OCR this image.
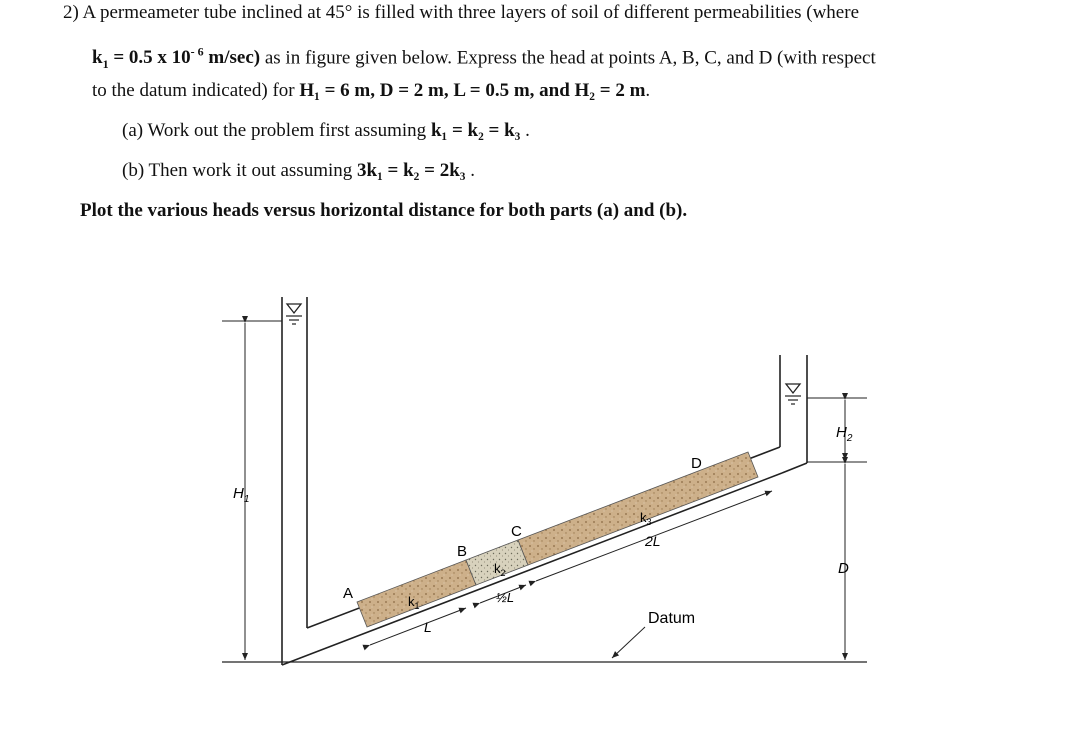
2) A permeameter tube inclined at 45° is filled with three layers of soil of different permeabilities (where
$k_1 = 0.5$ x $10^{- 6}$ m/sec) as in figure given below. Express the head at points A, B, C, and D (with respect
to the datum indicated) for H₁ = 6 m, D = 2 m, L = 0.5 m, and H₂ = 2 m.
(a) Work out the problem first assuming k₁ = k₂ = k₃ .
(b) Then work it out assuming 3k₁ = k₂ = 2k₃ .
Plot the various heads versus horizontal distance for both parts (a) and (b).
$H_1$
$H_2$
D
A
B
C
D
$k_1$
$k_2$
$k_3$
L
½L
2L
Datum
